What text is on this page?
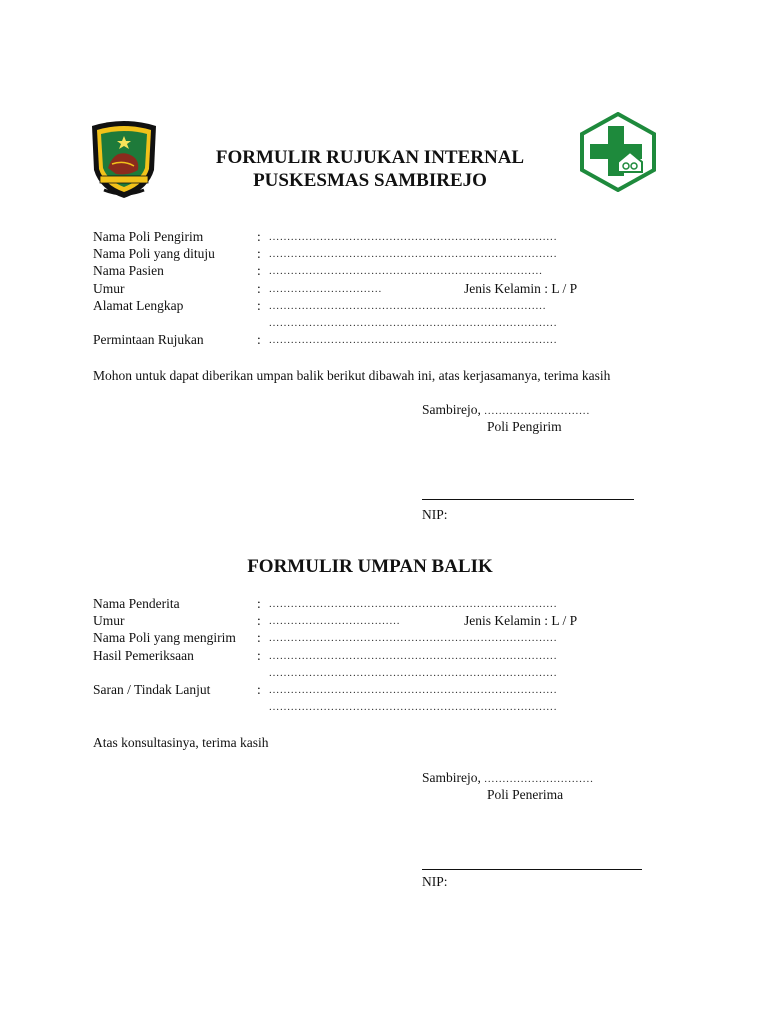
FORMULIR RUJUKAN INTERNAL
PUSKESMAS SAMBIREJO
Nama Poli Pengirim	: ...............................................................................
Nama Poli yang dituju	: ...............................................................................
Nama Pasien	: ...........................................................................
Umur	: ...............................	Jenis Kelamin : L / P
Alamat Lengkap	: ............................................................................
...............................................................................
Permintaan Rujukan	: ...............................................................................
Mohon untuk dapat diberikan umpan balik berikut dibawah ini, atas kerjasamanya, terima kasih
Sambirejo, .............................
Poli Pengirim
NIP:
FORMULIR UMPAN BALIK
Nama Penderita	: ...............................................................................
Umur	: ....................................	Jenis Kelamin : L / P
Nama Poli yang mengirim : ...............................................................................
Hasil Pemeriksaan	: ...............................................................................
...............................................................................
Saran / Tindak Lanjut	: ...............................................................................
...............................................................................
Atas konsultasinya, terima kasih
Sambirejo, ..............................
Poli Penerima
NIP:
